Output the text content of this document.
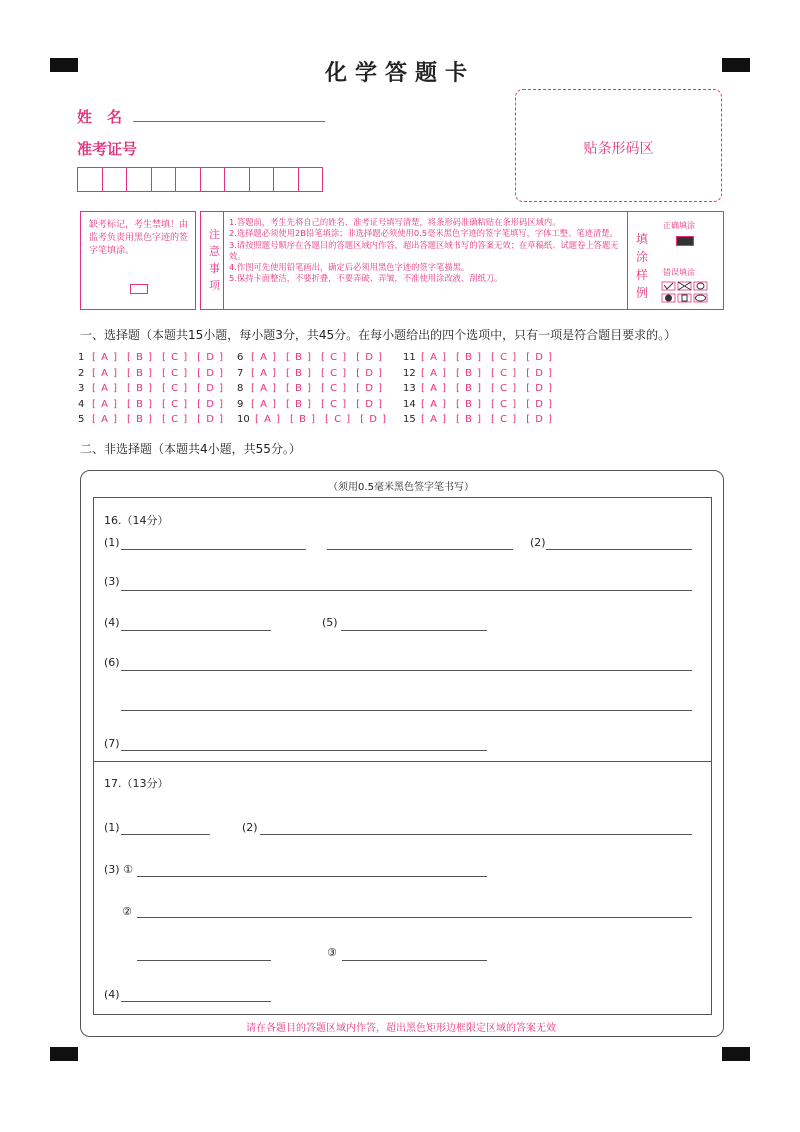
化学答题卡
姓　名
准考证号	贴条形码区
缺考标记，考生禁填！由监考负责用黑色字迹的签字笔填涂。
注
意
事
项
1.答题前，考生先将自己的姓名、准考证号填写清楚，将条形码准确粘贴在条形码区域内。
2.选择题必须使用2B铅笔填涂；非选择题必须使用0.5毫米黑色字迹的签字笔填写，字体工整、笔迹清楚。
3.请按照题号顺序在各题目的答题区域内作答，超出答题区域书写的答案无效；在草稿纸、试题卷上答题无效。
4.作图可先使用铅笔画出，确定后必须用黑色字迹的签字笔描黑。
5.保持卡面整洁，不要折叠，不要弄破、弄皱，不准使用涂改液、刮纸刀。
填
涂
样
例
正确填涂
错误填涂
一、选择题（本题共15小题，每小题3分，共45分。在每小题给出的四个选项中，只有一项是符合题目要求的。）
1 [ A ] [ B ] [ C ] [ D ]
2 [ A ] [ B ] [ C ] [ D ]
3 [ A ] [ B ] [ C ] [ D ]
4 [ A ] [ B ] [ C ] [ D ]
5 [ A ] [ B ] [ C ] [ D ]
6 [ A ] [ B ] [ C ] [ D ]
7 [ A ] [ B ] [ C ] [ D ]
8 [ A ] [ B ] [ C ] [ D ]
9 [ A ] [ B ] [ C ] [ D ]
10 [ A ] [ B ] [ C ] [ D ]
11 [ A ] [ B ] [ C ] [ D ]
12 [ A ] [ B ] [ C ] [ D ]
13 [ A ] [ B ] [ C ] [ D ]
14 [ A ] [ B ] [ C ] [ D ]
15 [ A ] [ B ] [ C ] [ D ]
二、非选择题（本题共4小题，共55分。）
（须用0.5毫米黑色签字笔书写）
16.（14分）
(1)	(2)
(3)
(4)	(5)
(6)
(7)
17.（13分）
(1)	(2)
(3) ①
②
③
(4)
请在各题目的答题区域内作答，超出黑色矩形边框限定区域的答案无效
